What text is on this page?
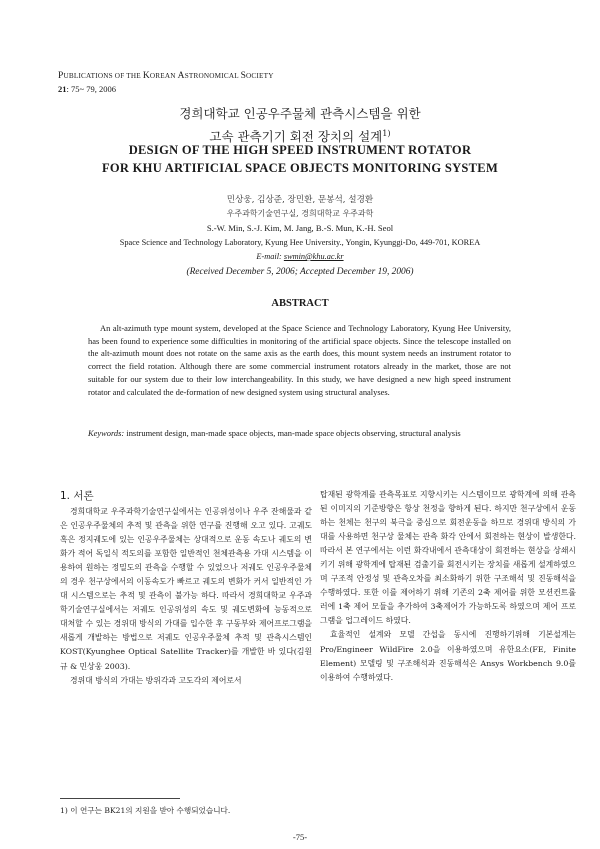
PUBLICATIONS OF THE KOREAN ASTRONOMICAL SOCIETY
21: 75~ 79, 2006
경희대학교 인공우주물체 관측시스템을 위한
고속 관측기기 회전 장치의 설계$^{1)}$
DESIGN OF THE HIGH SPEED INSTRUMENT ROTATOR
FOR KHU ARTIFICIAL SPACE OBJECTS MONITORING SYSTEM
민상웅, 김상준, 장민환, 문봉석, 설경환
우주과학기술연구실, 경희대학교 우주과학
S.-W. Min, S.-J. Kim, M. Jang, B.-S. Mun, K.-H. Seol
Space Science and Technology Laboratory, Kyung Hee University., Yongin, Kyunggi-Do, 449-701, KOREA
E-mail: swmin@khu.ac.kr
(Received December 5, 2006; Accepted December 19, 2006)
ABSTRACT
An alt-azimuth type mount system, developed at the Space Science and Technology Laboratory, Kyung Hee University, has been found to experience some difficulties in monitoring of the artificial space objects. Since the telescope installed on the alt-azimuth mount does not rotate on the same axis as the earth does, this mount system needs an instrument rotator to correct the field rotation. Although there are some commercial instrument rotators already in the market, those are not suitable for our system due to their low interchangeability. In this study, we have designed a new high speed instrument rotator and calculated the de-formation of new designed system using structural analyses.
Keywords: instrument design, man-made space objects, man-made space objects observing, structural analysis
1. 서론

경희대학교 우주과학기술연구실에서는 인공위성이나 우주 잔해물과 같은 인공우주물체의 추적 및 관측을 위한 연구를 진행해 오고 있다. 고궤도 혹은 정지궤도에 있는 인공우주물체는 상대적으로 운동 속도나 궤도의 변화가 적어 독일식 적도의를 포함한 일반적인 천체관측용 가대 시스템을 이용하여 원하는 정밀도의 관측을 수행할 수 있었으나 저궤도 인공우주물체의 경우 천구상에서의 이동속도가 빠르고 궤도의 변화가 커서 일반적인 가대 시스템으로는 추적 및 관측이 불가능 하다. 따라서 경희대학교 우주과학기술연구실에서는 저궤도 인공위성의 속도 및 궤도변화에 능동적으로 대처할 수 있는 경위대 방식의 가대를 입수한 후 구동부와 제어프로그램을 새롭게 개발하는 방법으로 저궤도 인공우주물체 추적 및 관측시스템인 KOST(Kyunghee Optical Satellite Tracker)를 개발한 바 있다(김원규 & 민상웅 2003).

경위대 방식의 가대는 방위각과 고도각의 제어로서

탑재된 광학계를 관측목표로 지향시키는 시스템이므로 광학계에 의해 관측된 이미지의 기준방향은 항상 천정을 향하게 된다. 하지만 천구상에서 운동하는 천체는 천구의 북극을 중심으로 회전운동을 하므로 경위대 방식의 가대를 사용하면 천구상 물체는 관측 화각 안에서 회전하는 현상이 발생한다. 따라서 본 연구에서는 이런 화각내에서 관측대상이 회전하는 현상을 상쇄시키기 위해 광학계에 탑재된 검출기를 회전시키는 장치를 새롭게 설계하였으며 구조적 안정성 및 관측오차를 최소화하기 위한 구조해석 및 진동해석을 수행하였다. 또한 이를 제어하기 위해 기존의 2축 제어를 위한 모션컨트롤러에 1축 제어 모듈을 추가하여 3축제어가 가능하도록 하였으며 제어 프로그램을 업그레이드 하였다.

효율적인 설계와 모델 간섭을 동시에 진행하기위해 기본설계는 Pro/Engineer WildFire 2.0을 이용하였으며 유한요소(FE, Finite Element) 모델링 및 구조해석과 진동해석은 Ansys Workbench 9.0를 이용하여 수행하였다.

1) 이 연구는 BK21의 지원을 받아 수행되었습니다.
-75-
